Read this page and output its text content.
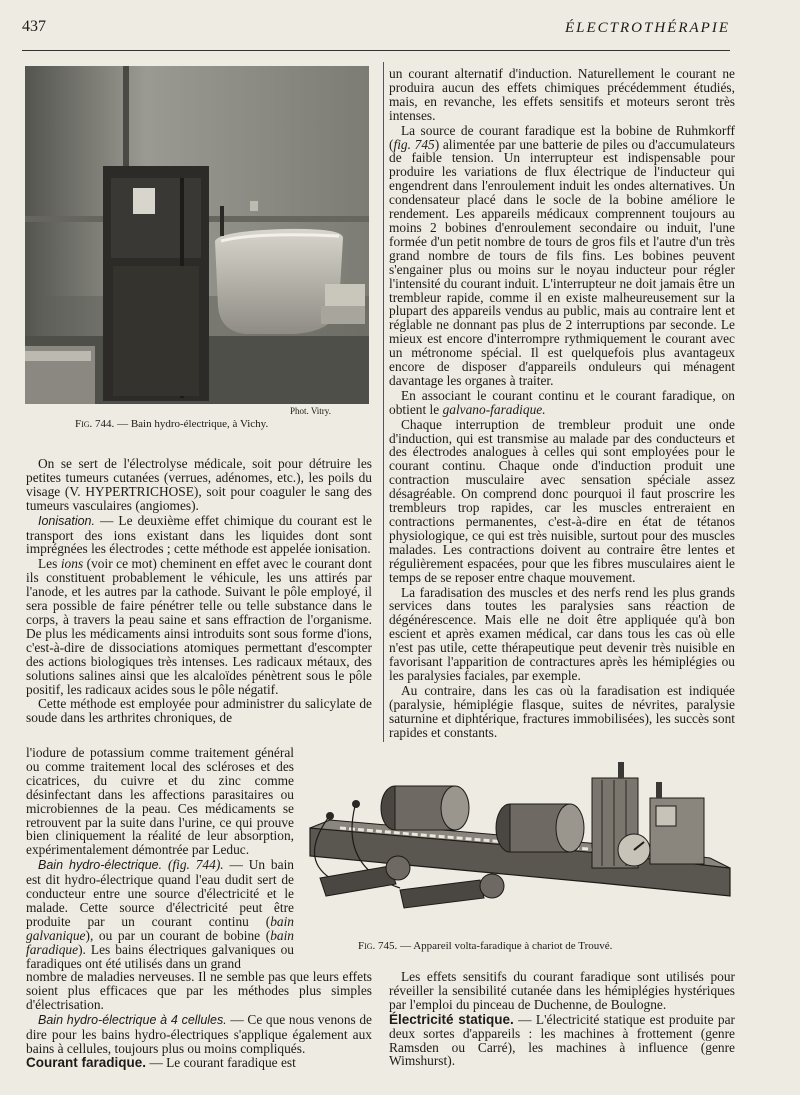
437	ÉLECTROTHÉRAPIE
Phot. Vitry.
Fig. 744. — Bain hydro-électrique, à Vichy.

On se sert de l'électrolyse médicale, soit pour détruire les petites tumeurs cutanées (verrues, adénomes, etc.), les poils du visage (V. HYPERTRICHOSE), soit pour coaguler le sang des tumeurs vasculaires (angiomes).

Ionisation. — Le deuxième effet chimique du courant est le transport des ions existant dans les liquides dont sont imprégnées les électrodes ; cette méthode est appelée ionisation.

Les ions (voir ce mot) cheminent en effet avec le courant dont ils constituent probablement le véhicule, les uns attirés par l'anode, et les autres par la cathode. Suivant le pôle employé, il sera possible de faire pénétrer telle ou telle substance dans le corps, à travers la peau saine et sans effraction de l'organisme. De plus les médicaments ainsi introduits sont sous forme d'ions, c'est-à-dire de dissociations atomiques permettant d'escompter des actions biologiques très intenses. Les radicaux métaux, des solutions salines ainsi que les alcaloïdes pénètrent sous le pôle positif, les radicaux acides sous le pôle négatif.

Cette méthode est employée pour administrer du salicylate de soude dans les arthrites chroniques, de

l'iodure de potassium comme traitement général ou comme traitement local des scléroses et des cicatrices, du cuivre et du zinc comme désinfectant dans les affections parasitaires ou microbiennes de la peau. Ces médicaments se retrouvent par la suite dans l'urine, ce qui prouve bien cliniquement la réalité de leur absorption, expérimentalement démontrée par Leduc.

Bain hydro-électrique. (fig. 744). — Un bain est dit hydro-électrique quand l'eau dudit sert de conducteur entre une source d'électricité et le malade. Cette source d'électricité peut être produite par un courant continu (bain galvanique), ou par un courant de bobine (bain faradique). Les bains électriques galvaniques ou faradiques ont été utilisés dans un grand

nombre de maladies nerveuses. Il ne semble pas que leurs effets soient plus efficaces que par les méthodes plus simples d'électrisation.

Bain hydro-électrique à 4 cellules. — Ce que nous venons de dire pour les bains hydro-électriques s'applique également aux bains à cellules, toujours plus ou moins compliqués.

Courant faradique. — Le courant faradique est

un courant alternatif d'induction. Naturellement le courant ne produira aucun des effets chimiques précédemment étudiés, mais, en revanche, les effets sensitifs et moteurs seront très intenses.

La source de courant faradique est la bobine de Ruhmkorff (fig. 745) alimentée par une batterie de piles ou d'accumulateurs de faible tension. Un interrupteur est indispensable pour produire les variations de flux électrique de l'inducteur qui engendrent dans l'enroulement induit les ondes alternatives. Un condensateur placé dans le socle de la bobine améliore le rendement. Les appareils médicaux comprennent toujours au moins 2 bobines d'enroulement secondaire ou induit, l'une formée d'un petit nombre de tours de gros fils et l'autre d'un très grand nombre de tours de fils fins. Les bobines peuvent s'engainer plus ou moins sur le noyau inducteur pour régler l'intensité du courant induit. L'interrupteur ne doit jamais être un trembleur rapide, comme il en existe malheureusement sur la plupart des appareils vendus au public, mais au contraire lent et réglable ne donnant pas plus de 2 interruptions par seconde. Le mieux est encore d'interrompre rythmiquement le courant avec un métronome spécial. Il est quelquefois plus avantageux encore de disposer d'appareils onduleurs qui ménagent davantage les organes à traiter.

En associant le courant continu et le courant faradique, on obtient le galvano-faradique.

Chaque interruption de trembleur produit une onde d'induction, qui est transmise au malade par des conducteurs et des électrodes analogues à celles qui sont employées pour le courant continu. Chaque onde d'induction produit une contraction musculaire avec sensation spéciale assez désagréable. On comprend donc pourquoi il faut proscrire les trembleurs trop rapides, car les muscles entreraient en contractions permanentes, c'est-à-dire en état de tétanos physiologique, ce qui est très nuisible, surtout pour des muscles malades. Les contractions doivent au contraire être lentes et régulièrement espacées, pour que les fibres musculaires aient le temps de se reposer entre chaque mouvement.

La faradisation des muscles et des nerfs rend les plus grands services dans toutes les paralysies sans réaction de dégénérescence. Mais elle ne doit être appliquée qu'à bon escient et après examen médical, car dans tous les cas où elle n'est pas utile, cette thérapeutique peut devenir très nuisible en favorisant l'apparition de contractures après les hémiplégies ou les paralysies faciales, par exemple.

Au contraire, dans les cas où la faradisation est indiquée (paralysie, hémiplégie flasque, suites de névrites, paralysie saturnine et diphtérique, fractures immobilisées), les succès sont rapides et constants.

Fig. 745. — Appareil volta-faradique à chariot de Trouvé.

Les effets sensitifs du courant faradique sont utilisés pour réveiller la sensibilité cutanée dans les hémiplégies hystériques par l'emploi du pinceau de Duchenne, de Boulogne.

Électricité statique. — L'électricité statique est produite par deux sortes d'appareils : les machines à frottement (genre Ramsden ou Carré), les machines à influence (genre Wimshurst).
